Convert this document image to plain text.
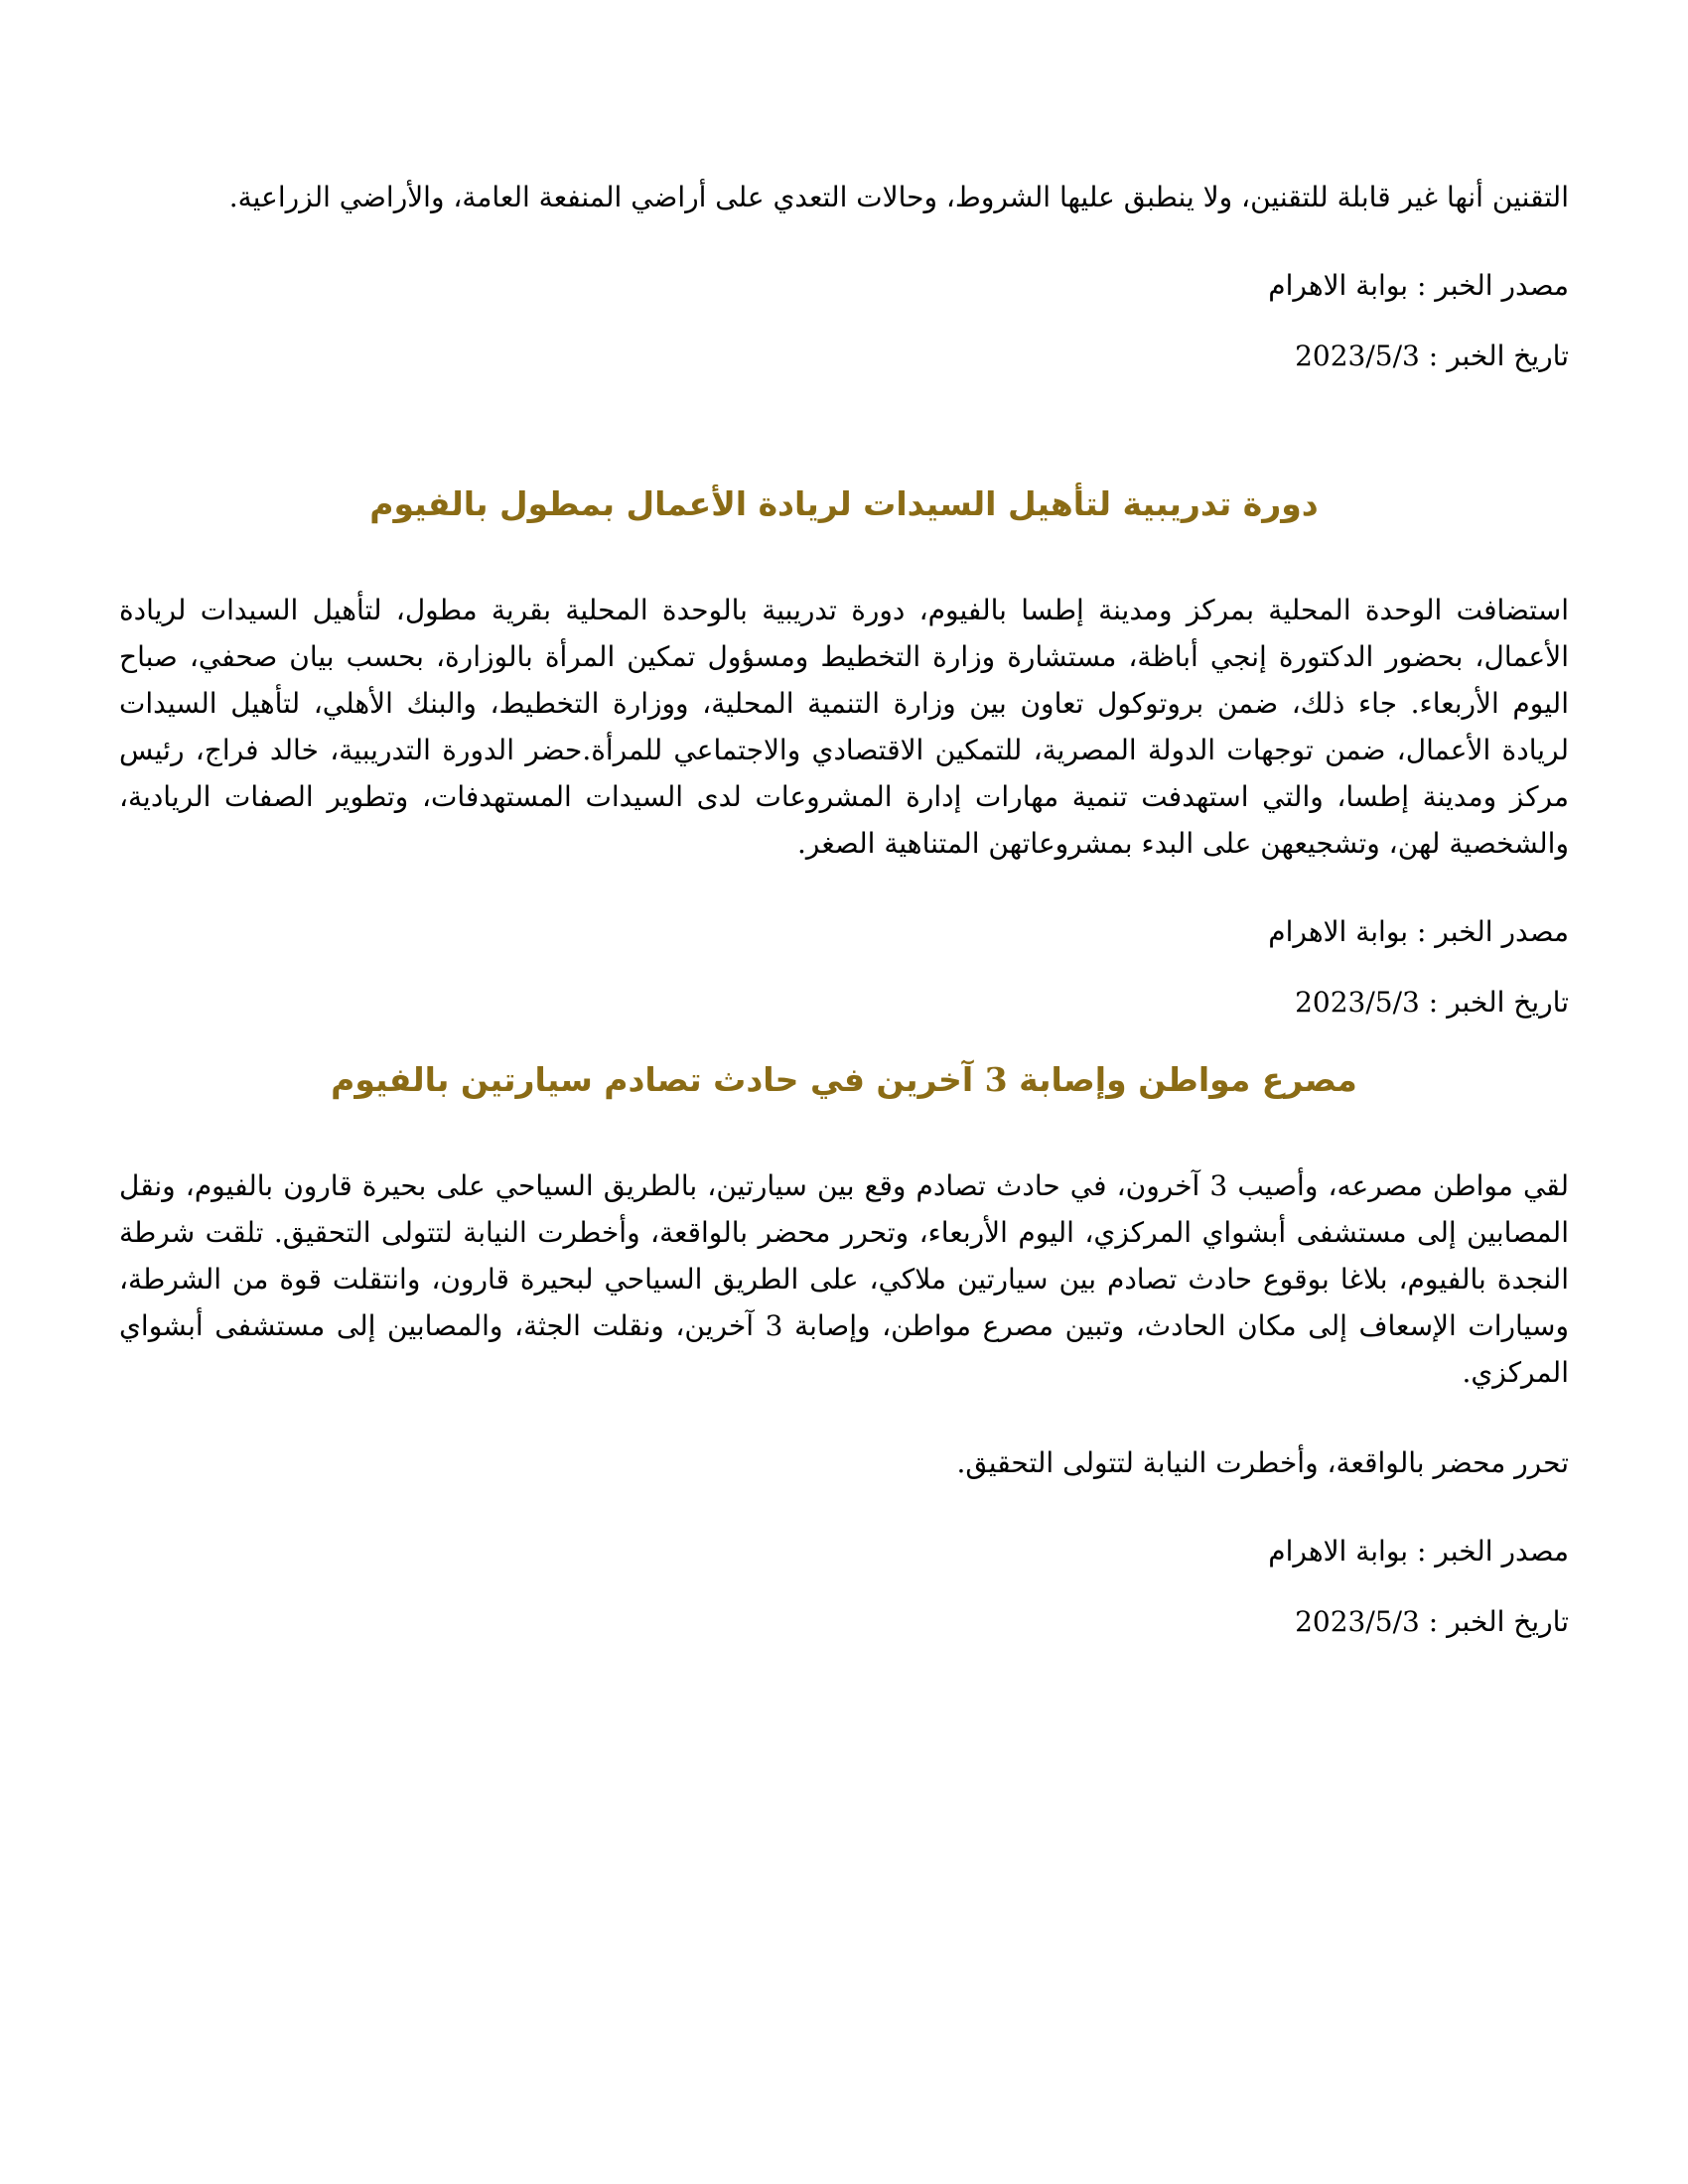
التقنين أنها غير قابلة للتقنين، ولا ينطبق عليها الشروط، وحالات التعدي على أراضي المنفعة العامة، والأراضي الزراعية.

مصدر الخبر : بوابة الاهرام

تاريخ الخبر : 2023/5/3

دورة تدريبية لتأهيل السيدات لريادة الأعمال بمطول بالفيوم

استضافت الوحدة المحلية بمركز ومدينة إطسا بالفيوم، دورة تدريبية بالوحدة المحلية بقرية مطول، لتأهيل السيدات لريادة الأعمال، بحضور الدكتورة إنجي أباظة، مستشارة وزارة التخطيط ومسؤول تمكين المرأة بالوزارة، بحسب بيان صحفي، صباح اليوم الأربعاء. جاء ذلك، ضمن بروتوكول تعاون بين وزارة التنمية المحلية، ووزارة التخطيط، والبنك الأهلي، لتأهيل السيدات لريادة الأعمال، ضمن توجهات الدولة المصرية، للتمكين الاقتصادي والاجتماعي للمرأة.حضر الدورة التدريبية، خالد فراج، رئيس مركز ومدينة إطسا، والتي استهدفت تنمية مهارات إدارة المشروعات لدى السيدات المستهدفات، وتطوير الصفات الريادية، والشخصية لهن، وتشجيعهن على البدء بمشروعاتهن المتناهية الصغر.

مصدر الخبر : بوابة الاهرام

تاريخ الخبر : 2023/5/3

مصرع مواطن وإصابة 3 آخرين في حادث تصادم سيارتين بالفيوم

لقي مواطن مصرعه، وأصيب 3 آخرون، في حادث تصادم وقع بين سيارتين، بالطريق السياحي على بحيرة قارون بالفيوم، ونقل المصابين إلى مستشفى أبشواي المركزي، اليوم الأربعاء، وتحرر محضر بالواقعة، وأخطرت النيابة لتتولى التحقيق. تلقت شرطة النجدة بالفيوم، بلاغا بوقوع حادث تصادم بين سيارتين ملاكي، على الطريق السياحي لبحيرة قارون، وانتقلت قوة من الشرطة، وسيارات الإسعاف إلى مكان الحادث، وتبين مصرع مواطن، وإصابة 3 آخرين، ونقلت الجثة، والمصابين إلى مستشفى أبشواي المركزي.

تحرر محضر بالواقعة، وأخطرت النيابة لتتولى التحقيق.

مصدر الخبر : بوابة الاهرام

تاريخ الخبر : 2023/5/3
